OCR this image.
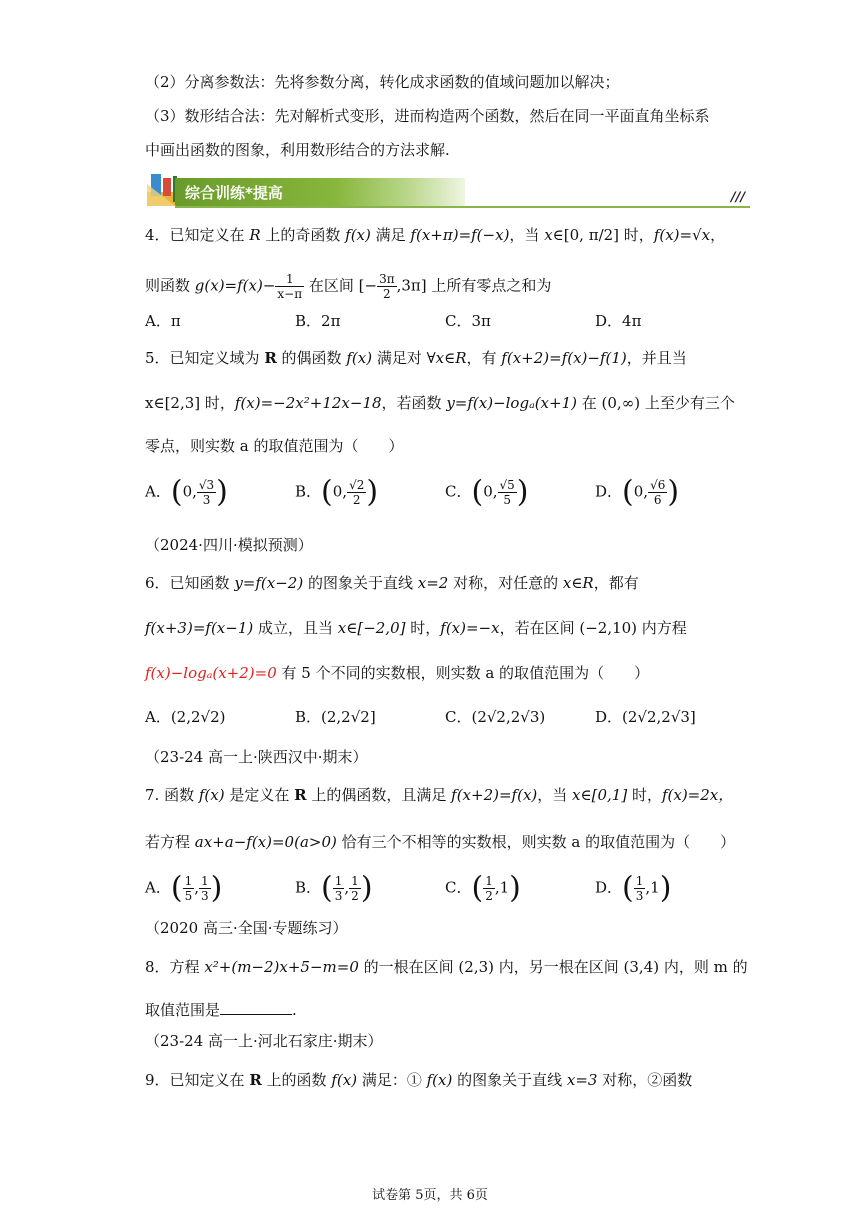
（2）分离参数法：先将参数分离，转化成求函数的值域问题加以解决；
（3）数形结合法：先对解析式变形，进而构造两个函数，然后在同一平面直角坐标系
中画出函数的图象，利用数形结合的方法求解.
综合训练*提高	///
4．已知定义在 R 上的奇函数 f(x) 满足 f(x+π)=f(−x)，当 x∈[0, π/2] 时，f(x)=√x，
则函数 $g(x)=f(x)- \frac{1}{x-\pi}$ 在区间 [− $\frac{3\pi}{2} ,3\pi$] 上所有零点之和为
A．π	B．2π	C．3π	D．4π
5．已知定义域为 R 的偶函数 f(x) 满足对 ∀x∈R，有 f(x+2)=f(x)−f(1)，并且当
x∈[2,3] 时，f(x)=−2x²+12x−18，若函数 y=f(x)−logₐ(x+1) 在 (0,∞) 上至少有三个
零点，则实数 a 的取值范围为（　　）
A．(0, $\frac{√3}{3}$ )	B．(0, $\frac{√2}{2}$ )	C．(0, $\frac{√5}{5}$ )	D．(0, $\frac{√6}{6}$ )
（2024·四川·模拟预测）
6．已知函数 y=f(x−2) 的图象关于直线 x=2 对称，对任意的 x∈R，都有
f(x+3)=f(x−1) 成立，且当 x∈[−2,0] 时，f(x)=−x，若在区间 (−2,10) 内方程
f(x)−logₐ(x+2)=0 有 5 个不同的实数根，则实数 a 的取值范围为（　　）
A．(2,2√2)	B．(2,2√2]	C．(2√2,2√3)	D．(2√2,2√3]
（23-24 高一上·陕西汉中·期末）
7. 函数 f(x) 是定义在 R 上的偶函数，且满足 f(x+2)=f(x)，当 x∈[0,1] 时，f(x)=2x，
若方程 ax+a−f(x)=0(a>0) 恰有三个不相等的实数根，则实数 a 的取值范围为（　　）
A．( $\frac{1}{5}$ , $\frac{1}{3}$ )	B．( $\frac{1}{3}$ , $\frac{1}{2}$ )	C．( $\frac{1}{2} ,1$)	D．( $\frac{1}{3} ,1$)
（2020 高三·全国·专题练习）
8．方程 x²+(m−2)x+5−m=0 的一根在区间 (2,3) 内，另一根在区间 (3,4) 内，则 m 的
取值范围是	.
（23-24 高一上·河北石家庄·期末）
9．已知定义在 R 上的函数 f(x) 满足：① f(x) 的图象关于直线 x=3 对称，②函数
试卷第 5页，共 6页
